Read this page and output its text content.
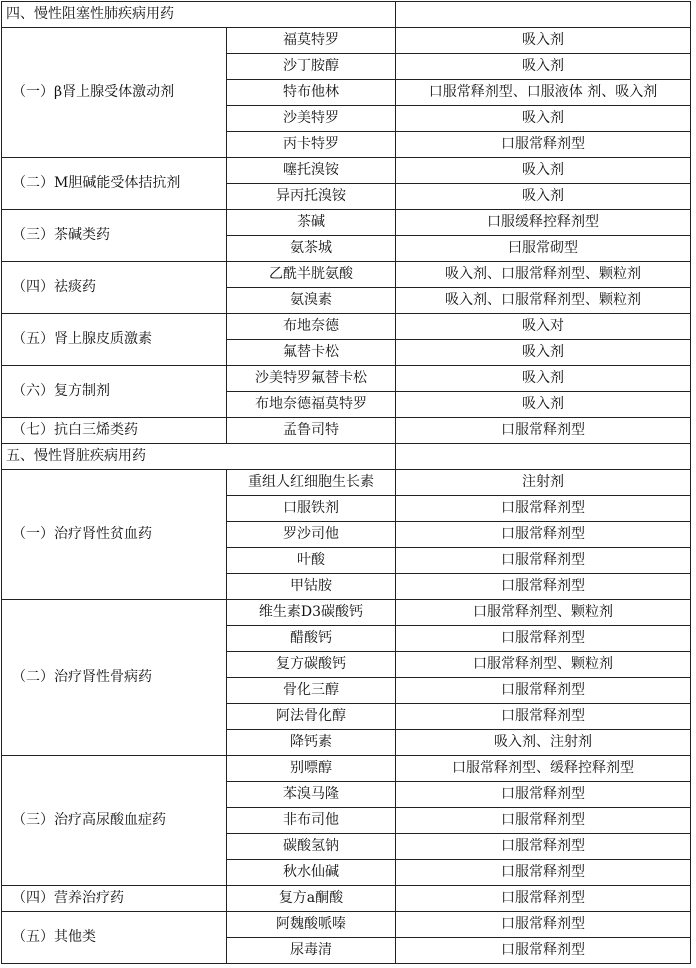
四、慢性阻塞性肺疾病用药		
（一）β肾上腺受体激动剂	福莫特罗	吸入剂
	沙丁胺醇	吸入剂
	特布他林	口服常释剂型、口服液体 剂、吸入剂
	沙美特罗	吸入剂
	丙卡特罗	口服常释剂型
（二）M胆碱能受体拮抗剂	噻托溴铵	吸入剂
	异丙托溴铵	吸入剂
（三）茶碱类药	茶碱	口服缓释控释剂型
	氨茶城	曰服常砌型
（四）祛痰药	乙酰半胱氨酸	吸入剂、口服常释剂型、颗粒剂
	氨溴素	吸入剂、口服常释剂型、颗粒剂
（五）肾上腺皮质激素	布地奈德	吸入对
	氟替卡松	吸入剂
（六）复方制剂	沙美特罗氟替卡松	吸入剂
	布地奈德福莫特罗	吸入剂
（七）抗白三烯类药	孟鲁司特	口服常释剂型
五、慢性肾脏疾病用药		
（一）治疗肾性贫血药	重组人红细胞生长素	注射剂
	口服铁剂	口服常释剂型
	罗沙司他	口服常释剂型
	叶酸	口服常释剂型
	甲钴胺	口服常释剂型
（二）治疗肾性骨病药	维生素D3碳酸钙	口服常释剂型、颗粒剂
	醋酸钙	口服常释剂型
	复方碳酸钙	口服常释剂型、颗粒剂
	骨化三醇	口服常释剂型
	阿法骨化醇	口服常释剂型
	降钙素	吸入剂、注射剂
（三）治疗高尿酸血症药	别嘌醇	口服常释剂型、缓释控释剂型
	苯溴马隆	口服常释剂型
	非布司他	口服常释剂型
	碳酸氢钠	口服常释剂型
	秋水仙碱	口服常释剂型
（四）营养治疗药	复方a酮酸	口服常释剂型
（五）其他类	阿魏酸哌嗪	口服常释剂型
	尿毒清	口服常释剂型
